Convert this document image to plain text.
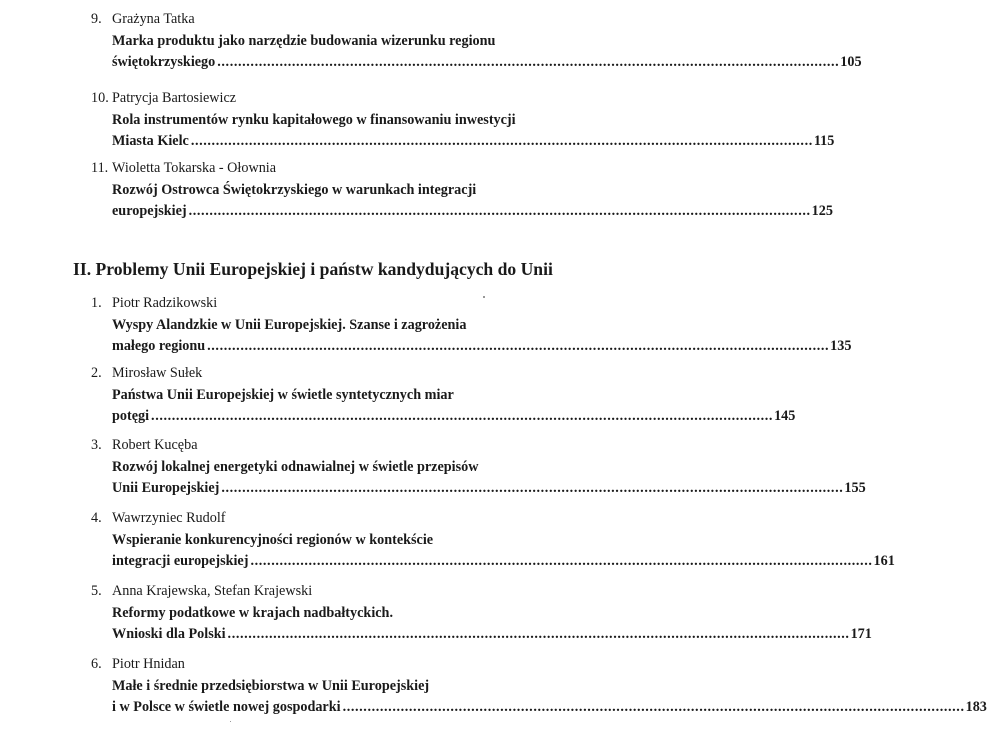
9. Grażyna Tatka
Marka produktu jako narzędzie budowania wizerunku regionu
świętokrzyskiego ...................................................................................................................................................... 105
10. Patrycja Bartosiewicz
Rola instrumentów rynku kapitałowego w finansowaniu inwestycji
Miasta Kielc ...................................................................................................................................................... 115
11. Wioletta Tokarska - Ołownia
Rozwój Ostrowca Świętokrzyskiego w warunkach integracji
europejskiej ...................................................................................................................................................... 125
II. Problemy Unii Europejskiej i państw kandydujących do Unii
1. Piotr Radzikowski
Wyspy Alandzkie w Unii Europejskiej. Szanse i zagrożenia
małego regionu ...................................................................................................................................................... 135
2. Mirosław Sułek
Państwa Unii Europejskiej w świetle syntetycznych miar
potęgi ...................................................................................................................................................... 145
3. Robert Kucęba
Rozwój lokalnej energetyki odnawialnej w świetle przepisów
Unii Europejskiej ...................................................................................................................................................... 155
4. Wawrzyniec Rudolf
Wspieranie konkurencyjności regionów w kontekście
integracji europejskiej ...................................................................................................................................................... 161
5. Anna Krajewska, Stefan Krajewski
Reformy podatkowe w krajach nadbałtyckich.
Wnioski dla Polski ...................................................................................................................................................... 171
6. Piotr Hnidan
Małe i średnie przedsiębiorstwa w Unii Europejskiej
i w Polsce w świetle nowej gospodarki ...................................................................................................................................................... 183
